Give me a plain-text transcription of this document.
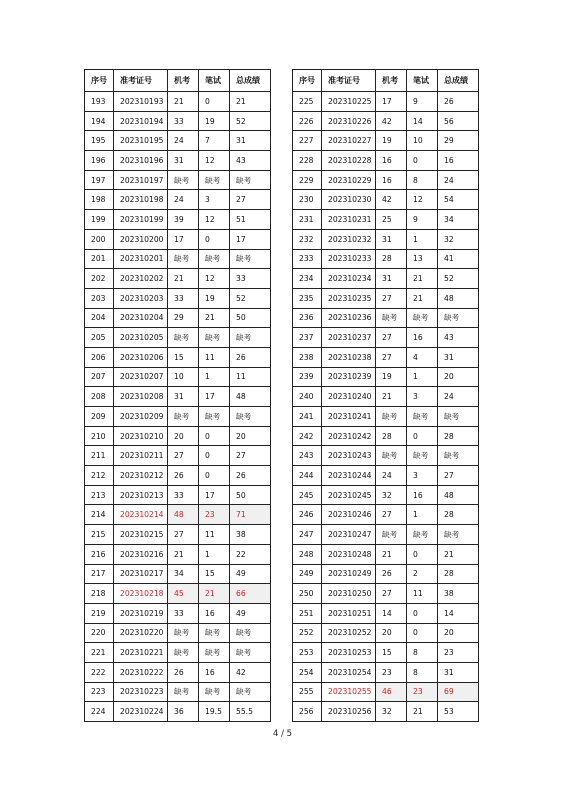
序号	准考证号	机考	笔试	总成绩
193	202310193	21	0	21
194	202310194	33	19	52
195	202310195	24	7	31
196	202310196	31	12	43
197	202310197	缺考	缺考	缺考
198	202310198	24	3	27
199	202310199	39	12	51
200	202310200	17	0	17
201	202310201	缺考	缺考	缺考
202	202310202	21	12	33
203	202310203	33	19	52
204	202310204	29	21	50
205	202310205	缺考	缺考	缺考
206	202310206	15	11	26
207	202310207	10	1	11
208	202310208	31	17	48
209	202310209	缺考	缺考	缺考
210	202310210	20	0	20
211	202310211	27	0	27
212	202310212	26	0	26
213	202310213	33	17	50
214	202310214	48	23	71
215	202310215	27	11	38
216	202310216	21	1	22
217	202310217	34	15	49
218	202310218	45	21	66
219	202310219	33	16	49
220	202310220	缺考	缺考	缺考
221	202310221	缺考	缺考	缺考
222	202310222	26	16	42
223	202310223	缺考	缺考	缺考
224	202310224	36	19.5	55.5
序号	准考证号	机考	笔试	总成绩
225	202310225	17	9	26
226	202310226	42	14	56
227	202310227	19	10	29
228	202310228	16	0	16
229	202310229	16	8	24
230	202310230	42	12	54
231	202310231	25	9	34
232	202310232	31	1	32
233	202310233	28	13	41
234	202310234	31	21	52
235	202310235	27	21	48
236	202310236	缺考	缺考	缺考
237	202310237	27	16	43
238	202310238	27	4	31
239	202310239	19	1	20
240	202310240	21	3	24
241	202310241	缺考	缺考	缺考
242	202310242	28	0	28
243	202310243	缺考	缺考	缺考
244	202310244	24	3	27
245	202310245	32	16	48
246	202310246	27	1	28
247	202310247	缺考	缺考	缺考
248	202310248	21	0	21
249	202310249	26	2	28
250	202310250	27	11	38
251	202310251	14	0	14
252	202310252	20	0	20
253	202310253	15	8	23
254	202310254	23	8	31
255	202310255	46	23	69
256	202310256	32	21	53
4 / 5
